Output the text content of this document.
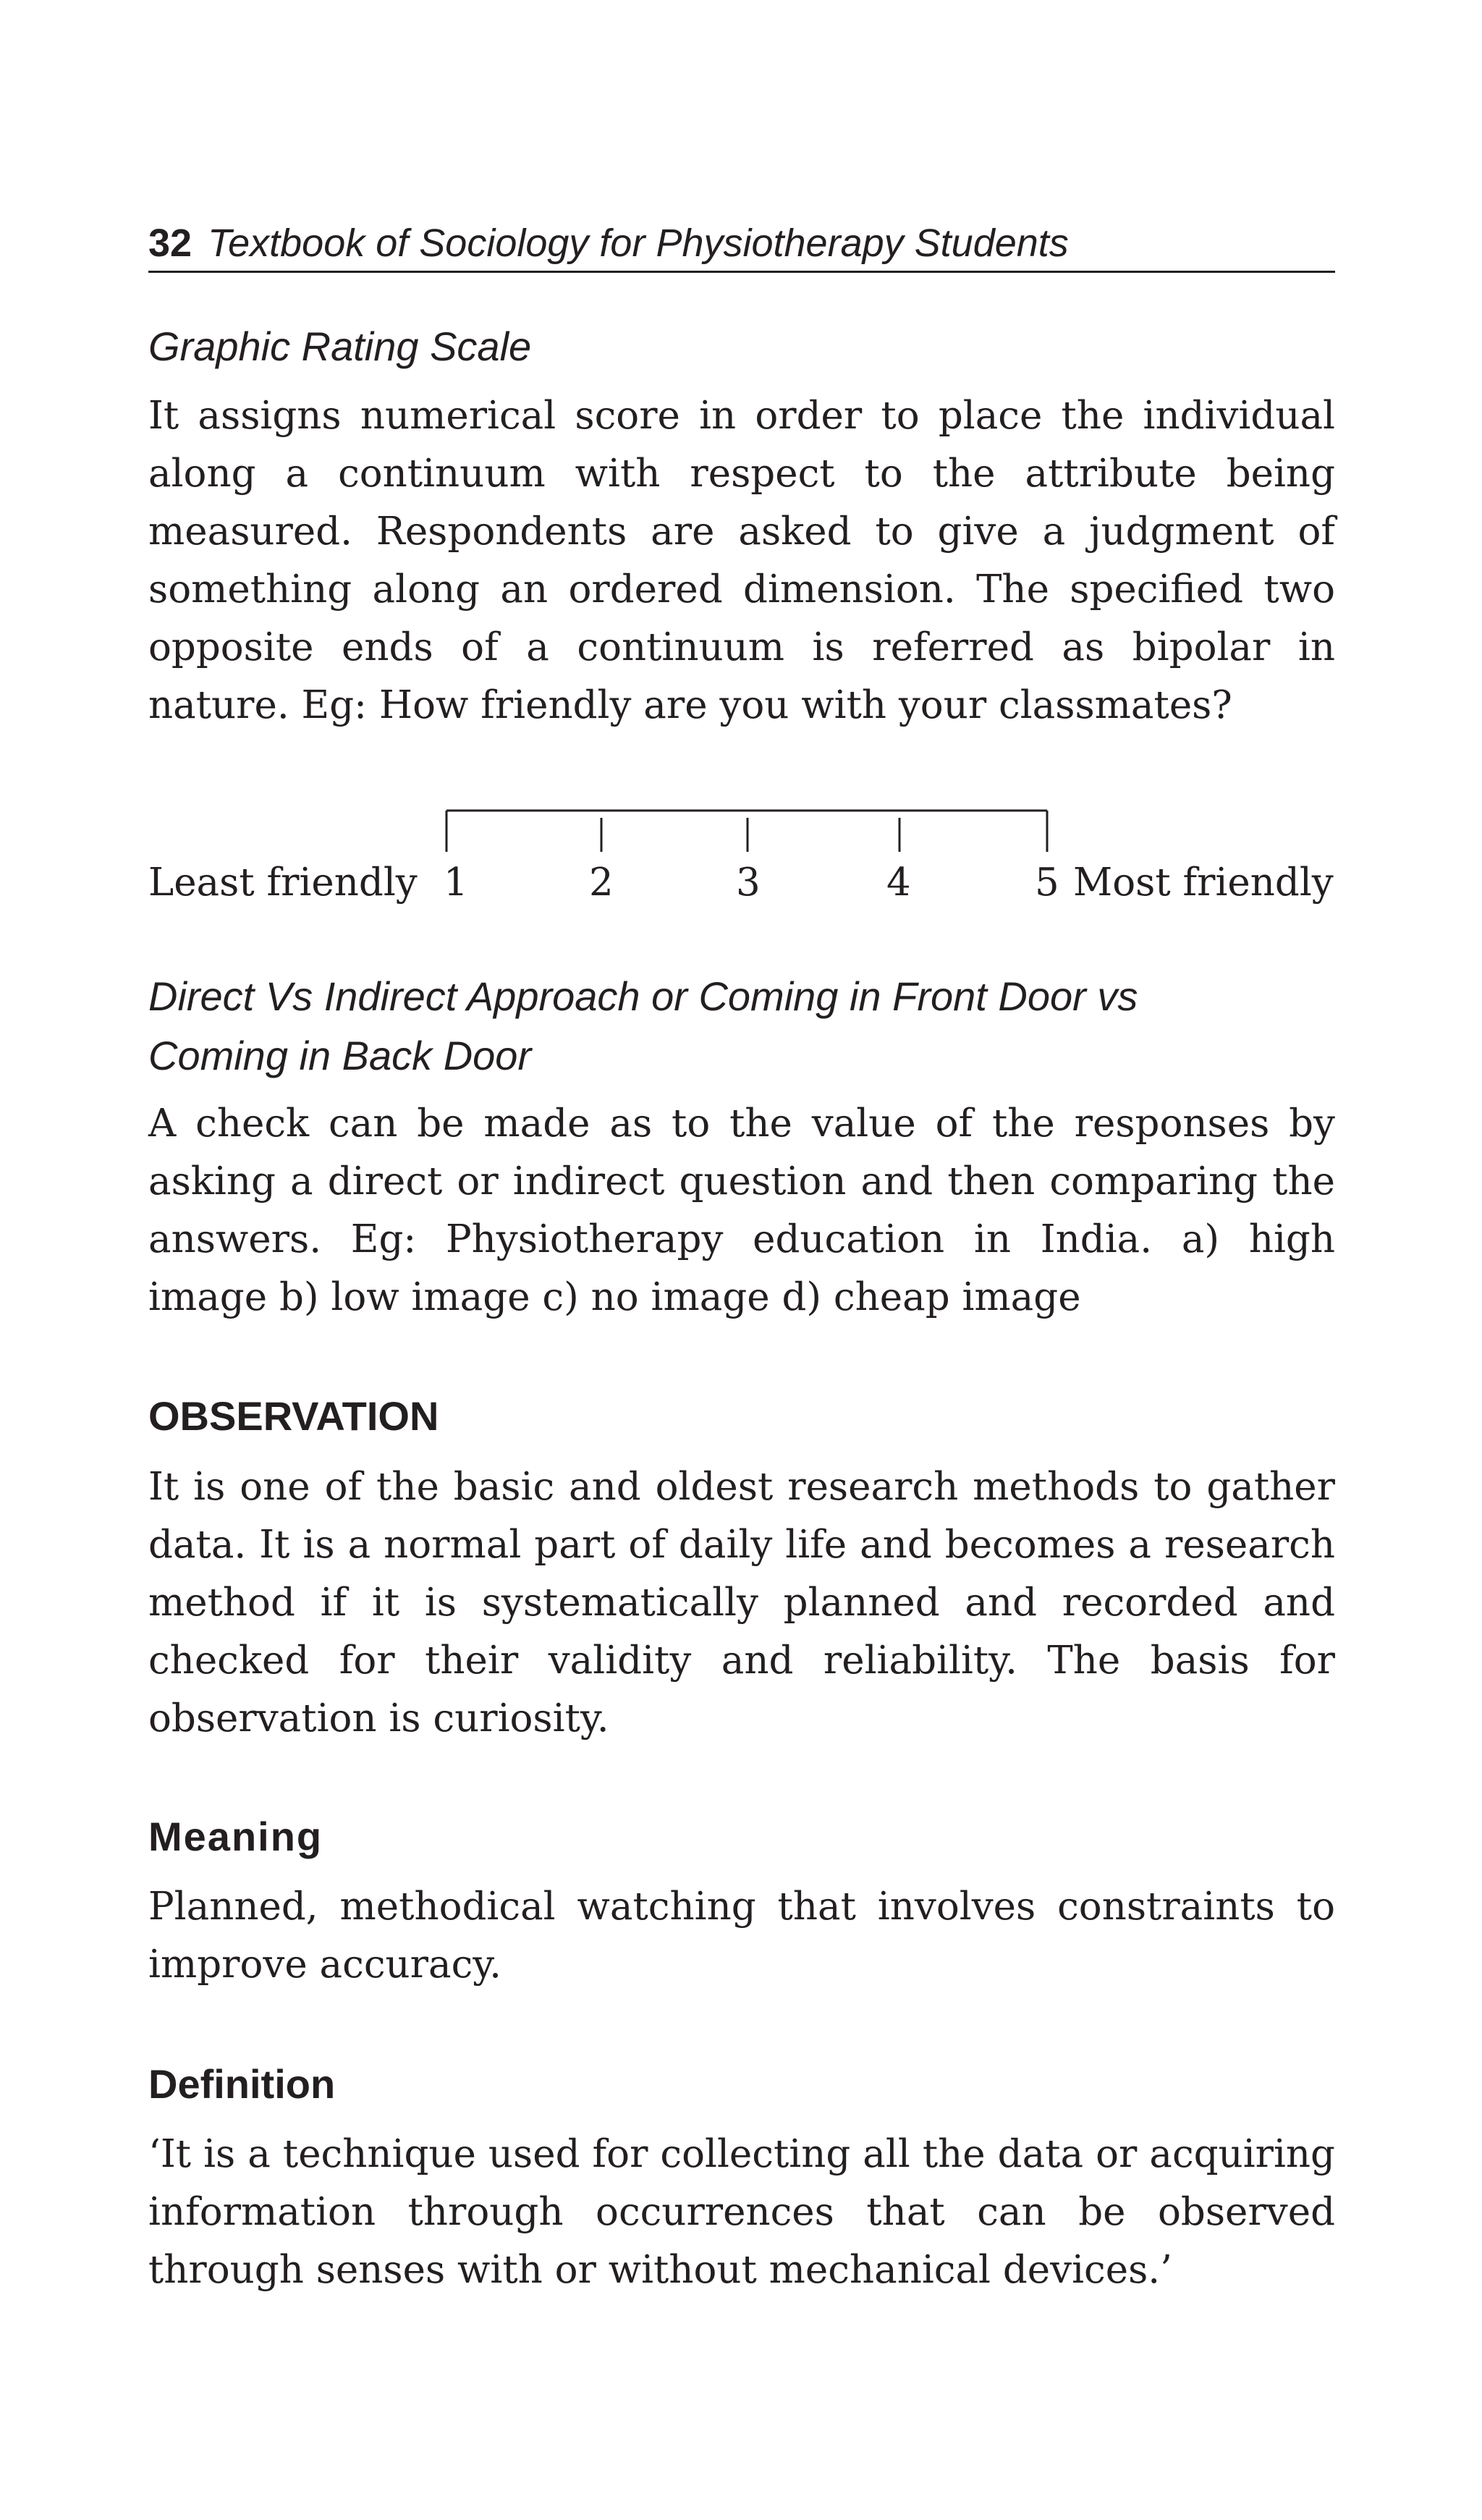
32 Textbook of Sociology for Physiotherapy Students
Graphic Rating Scale

It assigns numerical score in order to place the individual along a continuum with respect to the attribute being measured. Respondents are asked to give a judgment of something along an ordered dimension. The specified two opposite ends of a continuum is referred as bipolar in nature. Eg: How friendly are you with your classmates?

Least friendly 1	2	3	4	5 Most friendly
Direct Vs Indirect Approach or Coming in Front Door vs
Coming in Back Door

A check can be made as to the value of the responses by asking a direct or indirect question and then comparing the answers. Eg: Physiotherapy education in India. a) high image b) low image c) no image d) cheap image

OBSERVATION

It is one of the basic and oldest research methods to gather data. It is a normal part of daily life and becomes a research method if it is systematically planned and recorded and checked for their validity and reliability. The basis for observation is curiosity.

Meaning

Planned, methodical watching that involves constraints to improve accuracy.

Definition

‘It is a technique used for collecting all the data or acquiring information through occurrences that can be observed through senses with or without mechanical devices.’
